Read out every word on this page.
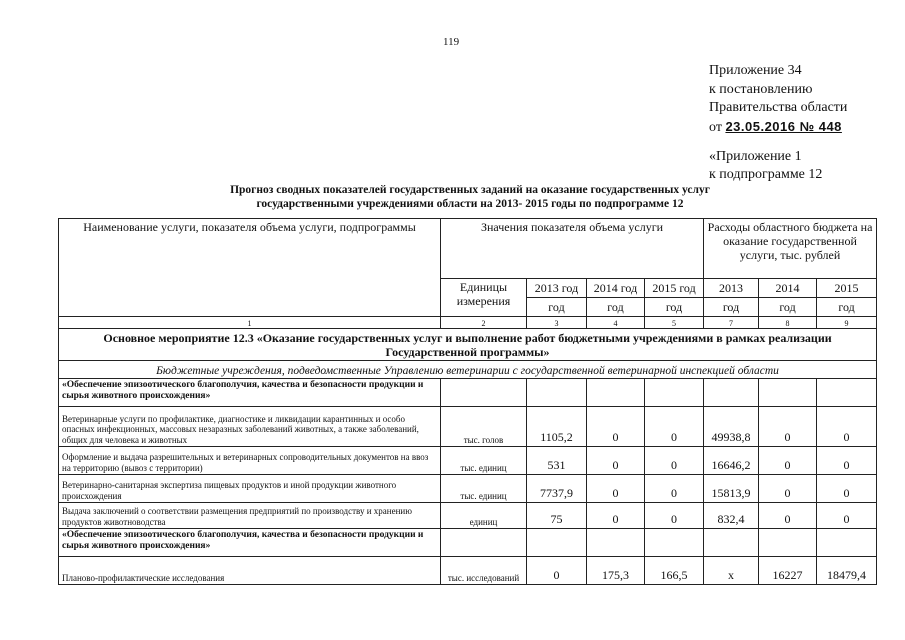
119
Приложение 34
к постановлению
Правительства области
от 23.05.2016 № 448
«Приложение 1
к подпрограмме 12
Прогноз сводных показателей государственных заданий на оказание государственных услуг
государственными учреждениями области на 2013- 2015 годы по подпрограмме 12
Наименование услуги, показателя объема услуги, подпрограммы	Значения показателя объема услуги				Расходы областного бюджета на оказание государственной услуги, тыс. рублей		
	Единицы измерения	2013 год	2014 год	2015 год	2013	2014	2015
		год	год	год	год	год	год
1	2	3	4	5	7	8	9
Основное мероприятие 12.3 «Оказание государственных услуг и выполнение работ бюджетными учреждениями в рамках реализации Государственной программы»							
Бюджетные учреждения, подведомственные Управлению ветеринарии с государственной ветеринарной инспекцией области							
«Обеспечение эпизоотического благополучия, качества и безопасности продукции и сырья животного происхождения»							
Ветеринарные услуги по профилактике, диагностике и ликвидации карантинных и особо опасных инфекционных, массовых незаразных заболеваний животных, а также заболеваний, общих для человека и животных	тыс. голов	1105,2	0	0	49938,8	0	0
Оформление и выдача разрешительных и ветеринарных сопроводительных документов на ввоз на территорию (вывоз с территории)	тыс. единиц	531	0	0	16646,2	0	0
Ветеринарно-санитарная экспертиза пищевых продуктов и иной продукции животного происхождения	тыс. единиц	7737,9	0	0	15813,9	0	0
Выдача заключений о соответствии размещения предприятий по производству и хранению продуктов животноводства	единиц	75	0	0	832,4	0	0
«Обеспечение эпизоотического благополучия, качества и безопасности продукции и сырья животного происхождения»							
Планово-профилактические исследования	тыс. исследований	0	175,3	166,5	х	16227	18479,4
